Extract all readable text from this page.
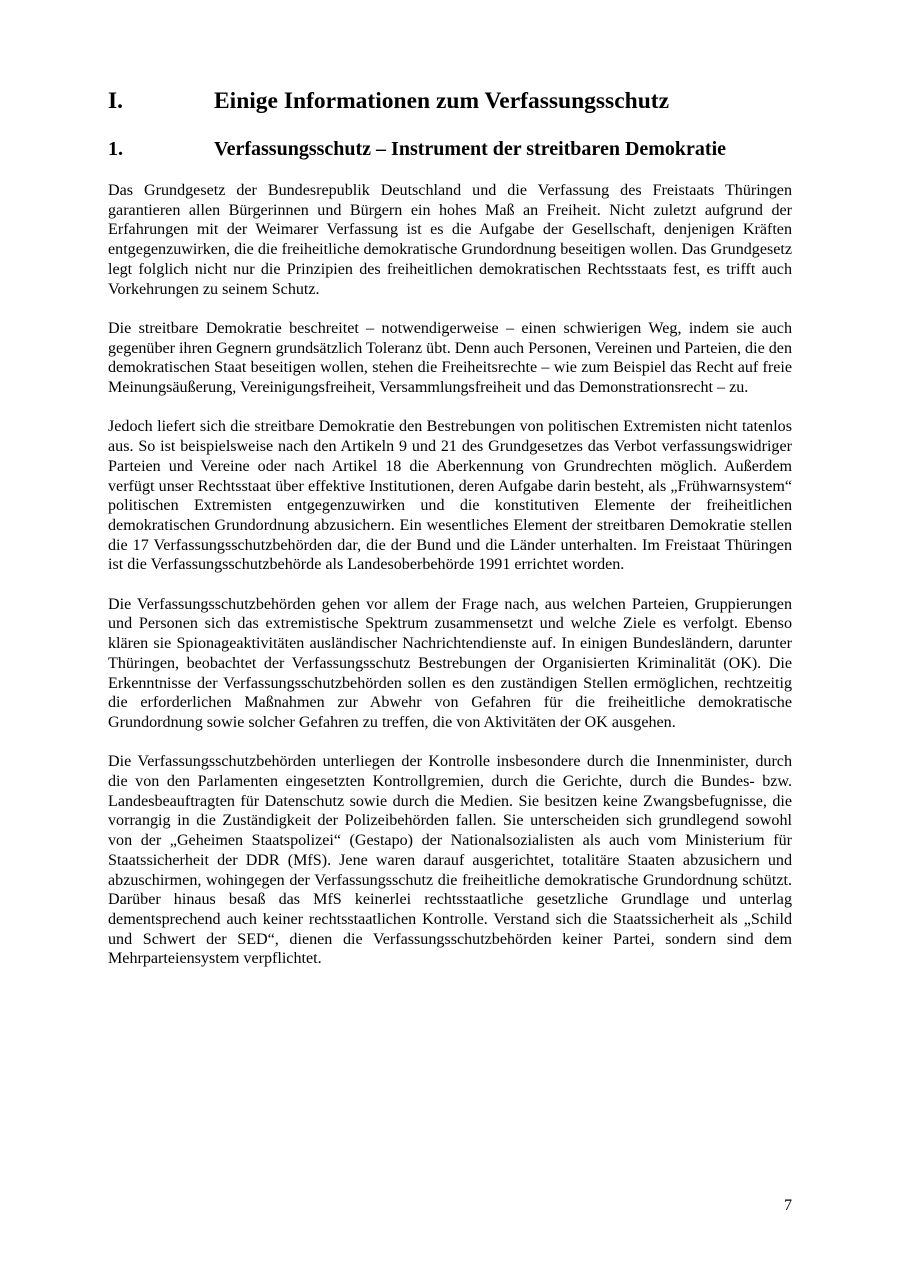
I.	Einige Informationen zum Verfassungsschutz
1.	Verfassungsschutz – Instrument der streitbaren Demokratie

Das Grundgesetz der Bundesrepublik Deutschland und die Verfassung des Freistaats Thüringen garantieren allen Bürgerinnen und Bürgern ein hohes Maß an Freiheit. Nicht zuletzt aufgrund der Erfahrungen mit der Weimarer Verfassung ist es die Aufgabe der Gesellschaft, denjenigen Kräften entgegenzuwirken, die die freiheitliche demokratische Grundordnung beseitigen wollen. Das Grundgesetz legt folglich nicht nur die Prinzipien des freiheitlichen demokratischen Rechtsstaats fest, es trifft auch Vorkehrungen zu seinem Schutz.

Die streitbare Demokratie beschreitet – notwendigerweise – einen schwierigen Weg, indem sie auch gegenüber ihren Gegnern grundsätzlich Toleranz übt. Denn auch Personen, Vereinen und Parteien, die den demokratischen Staat beseitigen wollen, stehen die Freiheitsrechte – wie zum Beispiel das Recht auf freie Meinungsäußerung, Vereinigungsfreiheit, Versammlungsfreiheit und das Demonstrationsrecht – zu.

Jedoch liefert sich die streitbare Demokratie den Bestrebungen von politischen Extremisten nicht tatenlos aus. So ist beispielsweise nach den Artikeln 9 und 21 des Grundgesetzes das Verbot verfassungswidriger Parteien und Vereine oder nach Artikel 18 die Aberkennung von Grundrechten möglich. Außerdem verfügt unser Rechtsstaat über effektive Institutionen, deren Aufgabe darin besteht, als „Frühwarnsystem“ politischen Extremisten entgegenzuwirken und die konstitutiven Elemente der freiheitlichen demokratischen Grundordnung abzusichern. Ein wesentliches Element der streitbaren Demokratie stellen die 17 Verfassungsschutzbehörden dar, die der Bund und die Länder unterhalten. Im Freistaat Thüringen ist die Verfassungsschutzbehörde als Landesoberbehörde 1991 errichtet worden.

Die Verfassungsschutzbehörden gehen vor allem der Frage nach, aus welchen Parteien, Gruppierungen und Personen sich das extremistische Spektrum zusammensetzt und welche Ziele es verfolgt. Ebenso klären sie Spionageaktivitäten ausländischer Nachrichtendienste auf. In einigen Bundesländern, darunter Thüringen, beobachtet der Verfassungsschutz Bestrebungen der Organisierten Kriminalität (OK). Die Erkenntnisse der Verfassungsschutzbehörden sollen es den zuständigen Stellen ermöglichen, rechtzeitig die erforderlichen Maßnahmen zur Abwehr von Gefahren für die freiheitliche demokratische Grundordnung sowie solcher Gefahren zu treffen, die von Aktivitäten der OK ausgehen.

Die Verfassungsschutzbehörden unterliegen der Kontrolle insbesondere durch die Innenminister, durch die von den Parlamenten eingesetzten Kontrollgremien, durch die Gerichte, durch die Bundes- bzw. Landesbeauftragten für Datenschutz sowie durch die Medien. Sie besitzen keine Zwangsbefugnisse, die vorrangig in die Zuständigkeit der Polizeibehörden fallen. Sie unterscheiden sich grundlegend sowohl von der „Geheimen Staatspolizei“ (Gestapo) der Nationalsozialisten als auch vom Ministerium für Staatssicherheit der DDR (MfS). Jene waren darauf ausgerichtet, totalitäre Staaten abzusichern und abzuschirmen, wohingegen der Verfassungsschutz die freiheitliche demokratische Grundordnung schützt. Darüber hinaus besaß das MfS keinerlei rechtsstaatliche gesetzliche Grundlage und unterlag dementsprechend auch keiner rechtsstaatlichen Kontrolle. Verstand sich die Staatssicherheit als „Schild und Schwert der SED“, dienen die Verfassungsschutzbehörden keiner Partei, sondern sind dem Mehrparteiensystem verpflichtet.

7
